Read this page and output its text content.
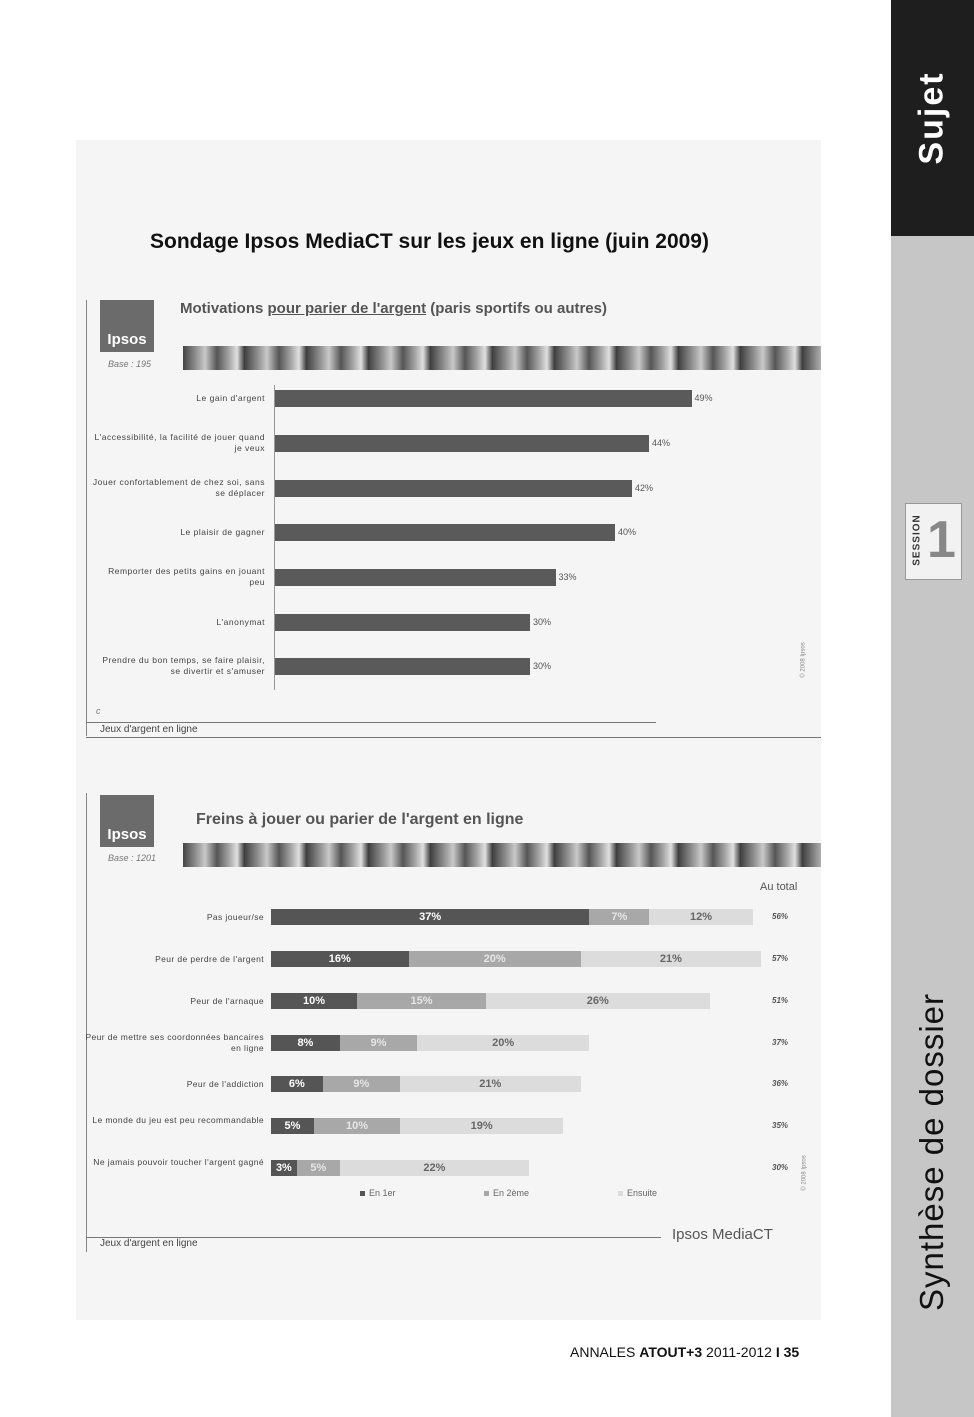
Sujet
SESSION 1
Synthèse de dossier
Sondage Ipsos MediaCT sur les jeux en ligne (juin 2009)
Ipsos
Base : 195
Motivations pour parier de l'argent (paris sportifs ou autres)
Le gain d'argent	49%
L'accessibilité, la facilité de jouer quand je veux	44%
Jouer confortablement de chez soi, sans se déplacer	42%
Le plaisir de gagner	40%
Remporter des petits gains en jouant peu	33%
L'anonymat	30%
Prendre du bon temps, se faire plaisir, se divertir et s'amuser	30%
c
© 2008 Ipsos
Jeux d'argent en ligne
Ipsos
Base : 1201
Freins à jouer ou parier de l'argent en ligne
Au total
Pas joueur/se	37%	7%	12%	56%
Peur de perdre de l'argent	16%	20%	21%	57%
Peur de l'arnaque	10%	15%	26%	51%
Peur de mettre ses coordonnées bancaires en ligne	8%	9%	20%	37%
Peur de l'addiction	6%	9%	21%	36%
Le monde du jeu est peu recommandable	5%	10%	19%	35%
Ne jamais pouvoir toucher l'argent gagné	3%	5%	22%	30%
En 1er	En 2ème	Ensuite
© 2008 Ipsos
Ipsos MediaCT
Jeux d'argent en ligne
ANNALES ATOUT+3 2011-2012 I 35
